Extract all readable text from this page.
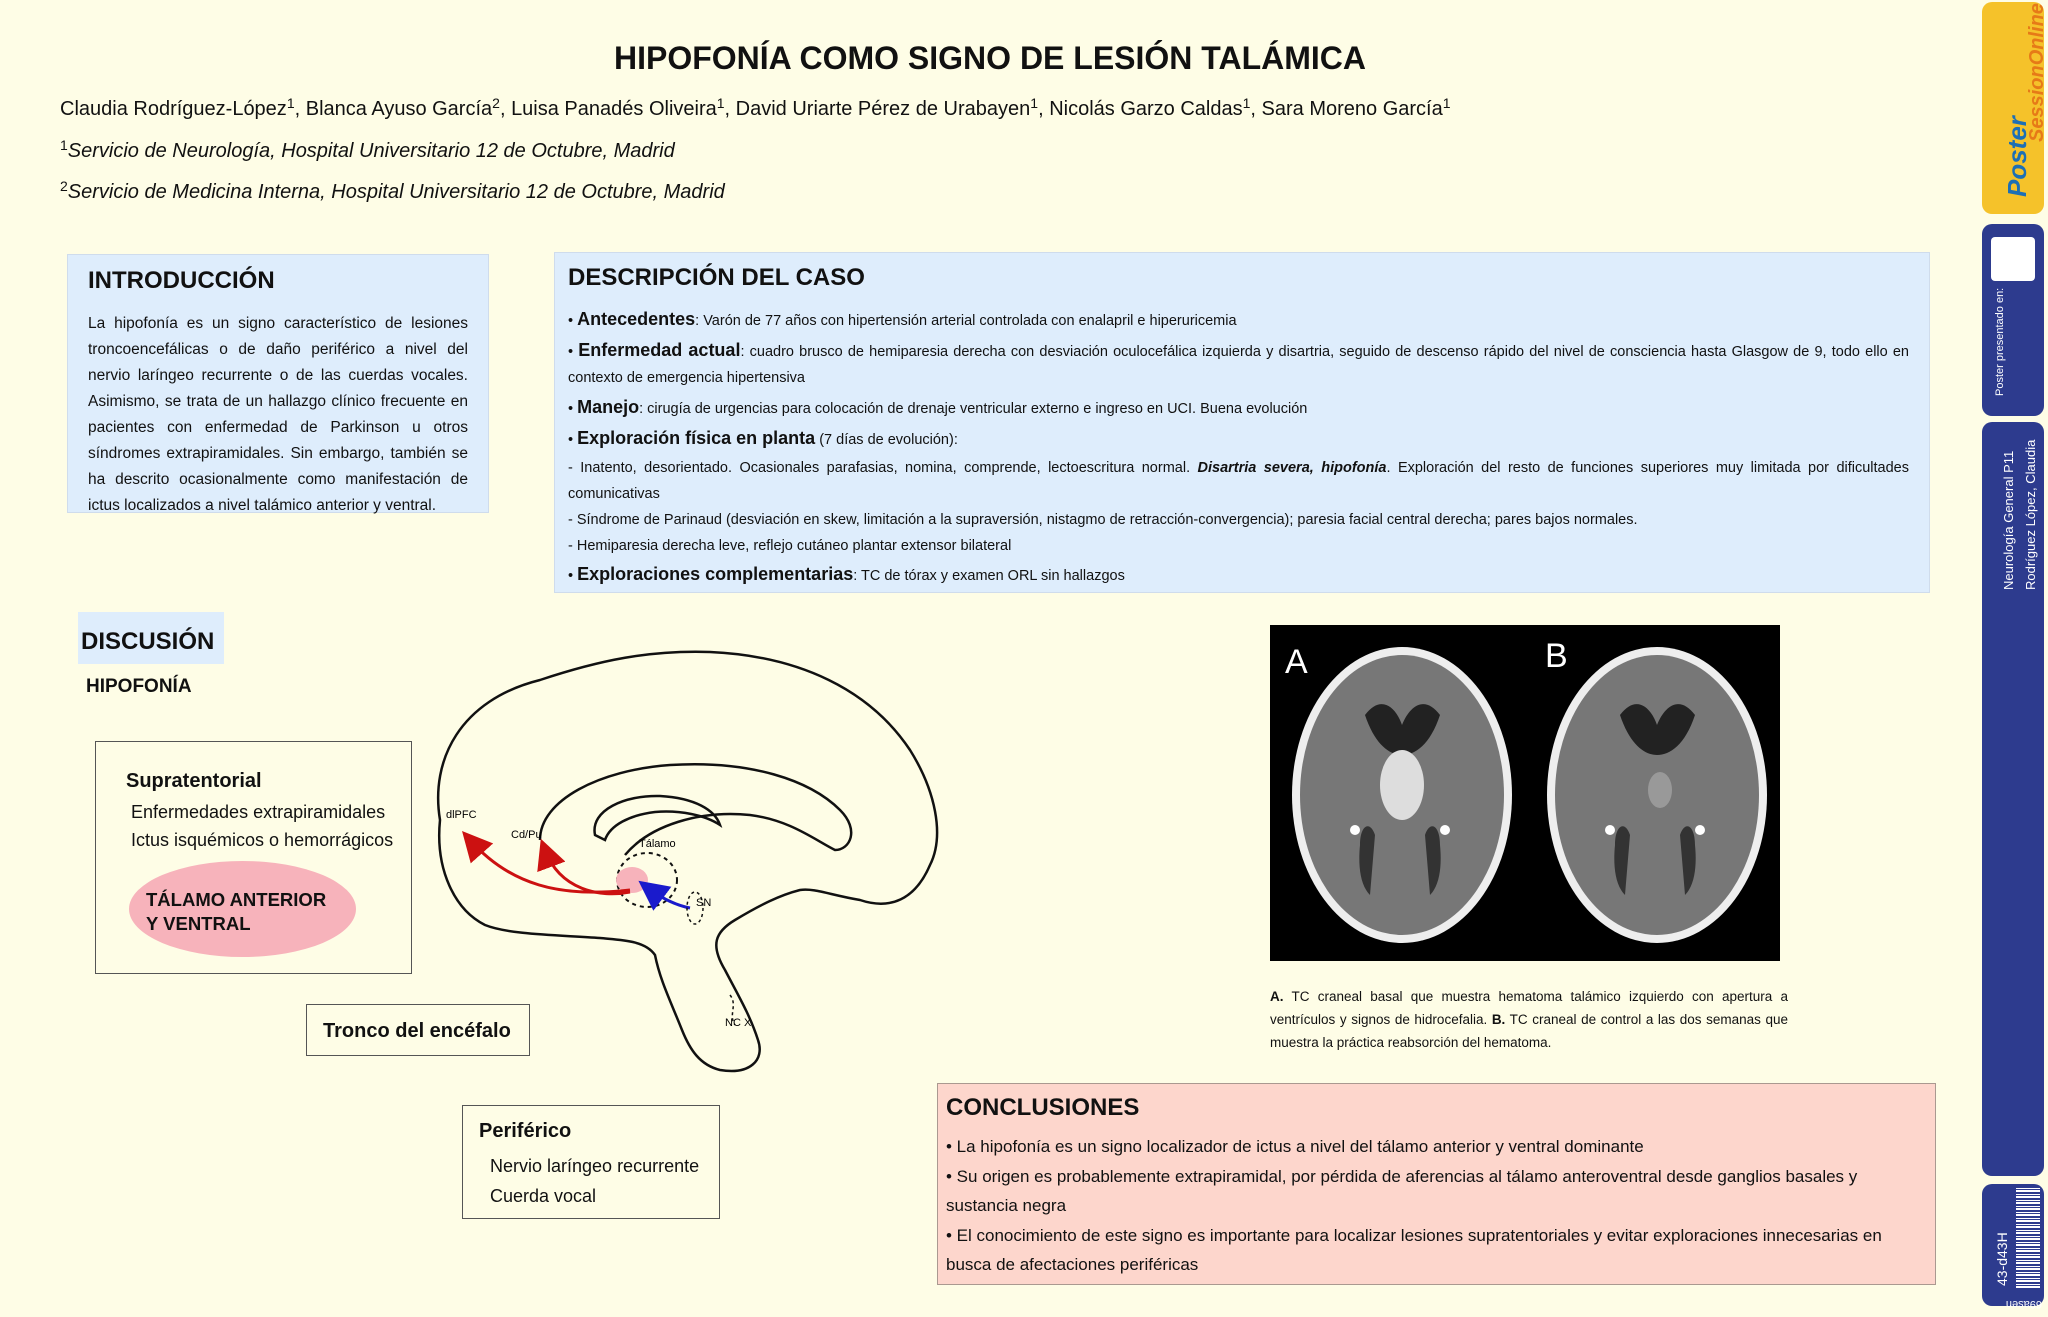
HIPOFONÍA COMO SIGNO DE LESIÓN TALÁMICA
Claudia Rodríguez-López$^1$, Blanca Ayuso García$^2$, Luisa Panadés Oliveira$^1$, David Uriarte Pérez de Urabayen$^1$, Nicolás Garzo Caldas$^1$, Sara Moreno García$^1$
$^1$Servicio de Neurología, Hospital Universitario 12 de Octubre, Madrid
$^2$Servicio de Medicina Interna, Hospital Universitario 12 de Octubre, Madrid
INTRODUCCIÓN

La hipofonía es un signo característico de lesiones troncoencefálicas o de daño periférico a nivel del nervio laríngeo recurrente o de las cuerdas vocales. Asimismo, se trata de un hallazgo clínico frecuente en pacientes con enfermedad de Parkinson u otros síndromes extrapiramidales. Sin embargo, también se ha descrito ocasionalmente como manifestación de ictus localizados a nivel talámico anterior y ventral.

DESCRIPCIÓN DEL CASO
• Antecedentes: Varón de 77 años con hipertensión arterial controlada con enalapril e hiperuricemia
• Enfermedad actual: cuadro brusco de hemiparesia derecha con desviación oculocefálica izquierda y disartria, seguido de descenso rápido del nivel de consciencia hasta Glasgow de 9, todo ello en contexto de emergencia hipertensiva
• Manejo: cirugía de urgencias para colocación de drenaje ventricular externo e ingreso en UCI. Buena evolución
• Exploración física en planta (7 días de evolución):
- Inatento, desorientado. Ocasionales parafasias, nomina, comprende, lectoescritura normal. Disartria severa, hipofonía. Exploración del resto de funciones superiores muy limitada por dificultades comunicativas
- Síndrome de Parinaud (desviación en skew, limitación a la supraversión, nistagmo de retracción-convergencia); paresia facial central derecha; pares bajos normales.
- Hemiparesia derecha leve, reflejo cutáneo plantar extensor bilateral
• Exploraciones complementarias: TC de tórax y examen ORL sin hallazgos
DISCUSIÓN
HIPOFONÍA
Supratentorial
Enfermedades extrapiramidales
Ictus isquémicos o hemorrágicos
TÁLAMO ANTERIOR
Y VENTRAL
Tronco del encéfalo
Periférico
Nervio laríngeo recurrente
Cuerda vocal
dlPFC
Cd/Pu
Tálamo
SN
NC X
A	B
A. TC craneal basal que muestra hematoma talámico izquierdo con apertura a ventrículos y signos de hidrocefalia. B. TC craneal de control a las dos semanas que muestra la práctica reabsorción del hematoma.
CONCLUSIONES
• La hipofonía es un signo localizador de ictus a nivel del tálamo anterior y ventral dominante
• Su origen es probablemente extrapiramidal, por pérdida de aferencias al tálamo anteroventral desde ganglios basales y sustancia negra
• El conocimiento de este signo es importante para localizar lesiones supratentoriales y evitar exploraciones innecesarias en busca de afectaciones periféricas
Poster
SessionOnline
Poster presentado en:
Neurología General P11 Rodríguez López, Claudia
43-d43H
69asen
